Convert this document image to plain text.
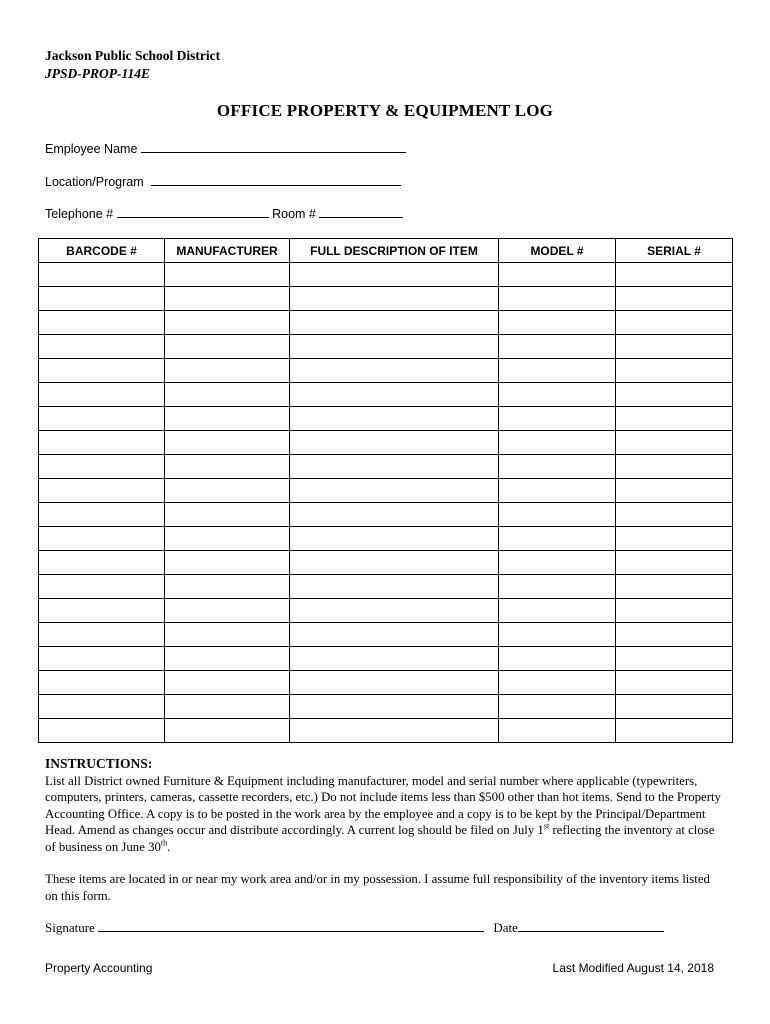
Jackson Public School District
JPSD-PROP-114E
OFFICE PROPERTY & EQUIPMENT LOG
Employee Name
Location/Program
Telephone #	Room #
BARCODE #	MANUFACTURER	FULL DESCRIPTION OF ITEM	MODEL #	SERIAL #

INSTRUCTIONS:

List all District owned Furniture & Equipment including manufacturer, model and serial number where applicable (typewriters, computers, printers, cameras, cassette recorders, etc.) Do not include items less than $500 other than hot items. Send to the Property Accounting Office. A copy is to be posted in the work area by the employee and a copy is to be kept by the Principal/Department Head. Amend as changes occur and distribute accordingly. A current log should be filed on July 1st reflecting the inventory at close of business on June 30th.

These items are located in or near my work area and/or in my possession. I assume full responsibility of the inventory items listed on this form.

Signature	Date
Property Accounting	Last Modified August 14, 2018
